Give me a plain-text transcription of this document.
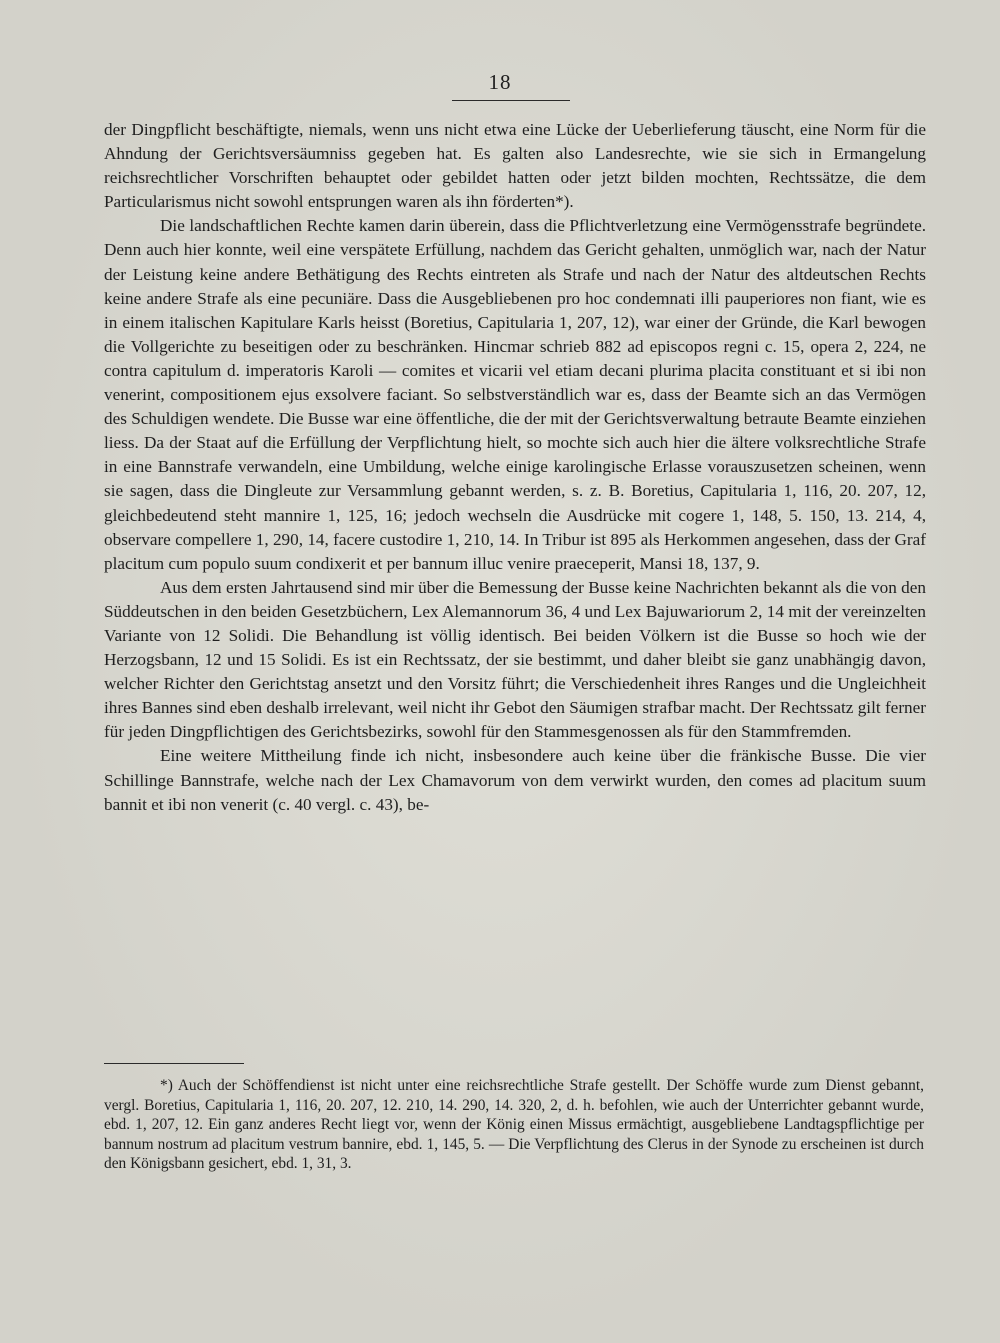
18

der Dingpflicht beschäftigte, niemals, wenn uns nicht etwa eine Lücke der Ueberlieferung täuscht, eine Norm für die Ahndung der Gerichtsversäumniss gegeben hat. Es galten also Landesrechte, wie sie sich in Ermangelung reichsrechtlicher Vorschriften behauptet oder gebildet hatten oder jetzt bilden mochten, Rechtssätze, die dem Particularismus nicht sowohl entsprungen waren als ihn förderten*).

Die landschaftlichen Rechte kamen darin überein, dass die Pflichtverletzung eine Vermögensstrafe begründete. Denn auch hier konnte, weil eine verspätete Erfüllung, nachdem das Gericht gehalten, unmöglich war, nach der Natur der Leistung keine andere Bethätigung des Rechts eintreten als Strafe und nach der Natur des altdeutschen Rechts keine andere Strafe als eine pecuniäre. Dass die Ausgebliebenen pro hoc condemnati illi pauperiores non fiant, wie es in einem italischen Kapitulare Karls heisst (Boretius, Capitularia 1, 207, 12), war einer der Gründe, die Karl bewogen die Vollgerichte zu beseitigen oder zu beschränken. Hincmar schrieb 882 ad episcopos regni c. 15, opera 2, 224, ne contra capitulum d. imperatoris Karoli — comites et vicarii vel etiam decani plurima placita constituant et si ibi non venerint, compositionem ejus exsolvere faciant. So selbstverständlich war es, dass der Beamte sich an das Vermögen des Schuldigen wendete. Die Busse war eine öffentliche, die der mit der Gerichtsverwaltung betraute Beamte einziehen liess. Da der Staat auf die Erfüllung der Verpflichtung hielt, so mochte sich auch hier die ältere volksrechtliche Strafe in eine Bannstrafe verwandeln, eine Umbildung, welche einige karolingische Erlasse vorauszusetzen scheinen, wenn sie sagen, dass die Dingleute zur Versammlung gebannt werden, s. z. B. Boretius, Capitularia 1, 116, 20. 207, 12, gleichbedeutend steht mannire 1, 125, 16; jedoch wechseln die Ausdrücke mit cogere 1, 148, 5. 150, 13. 214, 4, observare compellere 1, 290, 14, facere custodire 1, 210, 14. In Tribur ist 895 als Herkommen angesehen, dass der Graf placitum cum populo suum condixerit et per bannum illuc venire praeceperit, Mansi 18, 137, 9.

Aus dem ersten Jahrtausend sind mir über die Bemessung der Busse keine Nachrichten bekannt als die von den Süddeutschen in den beiden Gesetzbüchern, Lex Alemannorum 36, 4 und Lex Bajuwariorum 2, 14 mit der vereinzelten Variante von 12 Solidi. Die Behandlung ist völlig identisch. Bei beiden Völkern ist die Busse so hoch wie der Herzogsbann, 12 und 15 Solidi. Es ist ein Rechtssatz, der sie bestimmt, und daher bleibt sie ganz unabhängig davon, welcher Richter den Gerichtstag ansetzt und den Vorsitz führt; die Verschiedenheit ihres Ranges und die Ungleichheit ihres Bannes sind eben deshalb irrelevant, weil nicht ihr Gebot den Säumigen strafbar macht. Der Rechtssatz gilt ferner für jeden Dingpflichtigen des Gerichtsbezirks, sowohl für den Stammesgenossen als für den Stammfremden.

Eine weitere Mittheilung finde ich nicht, insbesondere auch keine über die fränkische Busse. Die vier Schillinge Bannstrafe, welche nach der Lex Chamavorum von dem verwirkt wurden, den comes ad placitum suum bannit et ibi non venerit (c. 40 vergl. c. 43), be-

*) Auch der Schöffendienst ist nicht unter eine reichsrechtliche Strafe gestellt. Der Schöffe wurde zum Dienst gebannt, vergl. Boretius, Capitularia 1, 116, 20. 207, 12. 210, 14. 290, 14. 320, 2, d. h. befohlen, wie auch der Unterrichter gebannt wurde, ebd. 1, 207, 12. Ein ganz anderes Recht liegt vor, wenn der König einen Missus ermächtigt, ausgebliebene Landtagspflichtige per bannum nostrum ad placitum vestrum bannire, ebd. 1, 145, 5. — Die Verpflichtung des Clerus in der Synode zu erscheinen ist durch den Königsbann gesichert, ebd. 1, 31, 3.
